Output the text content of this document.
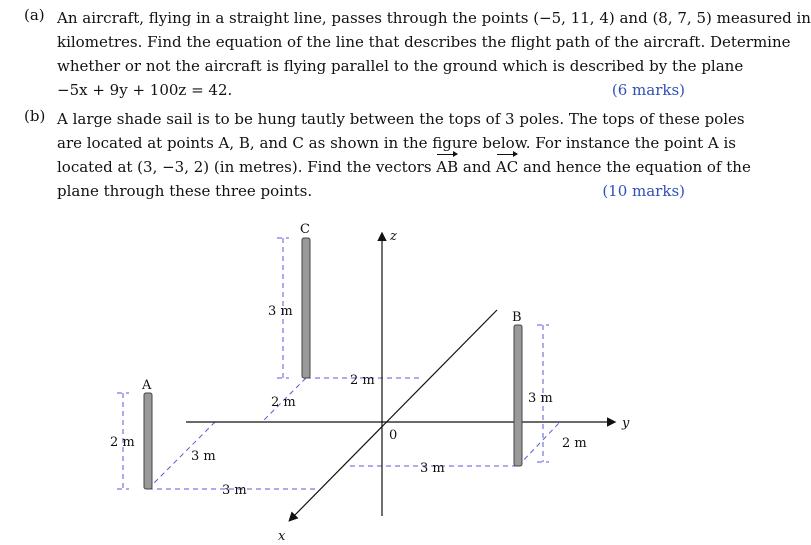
(a) An aircraft, flying in a straight line, passes through the points (−5, 11, 4) and (8, 7, 5) measured in
kilometres. Find the equation of the line that describes the flight path of the aircraft. Determine
whether or not the aircraft is flying parallel to the ground which is described by the plane
−5x + 9y + 100z = 42.	(6 marks)
(b) A large shade sail is to be hung tautly between the tops of 3 poles. The tops of these poles
are located at points A, B, and C as shown in the figure below. For instance the point A is
located at (3, −3, 2) (in metres). Find the vectors AB and AC and hence the equation of the
plane through these three points.	(10 marks)
z
y
x
0
A
B
C
3 m
2 m
2 m	3 m
2 m
3 m
2 m
3 m
3 m
